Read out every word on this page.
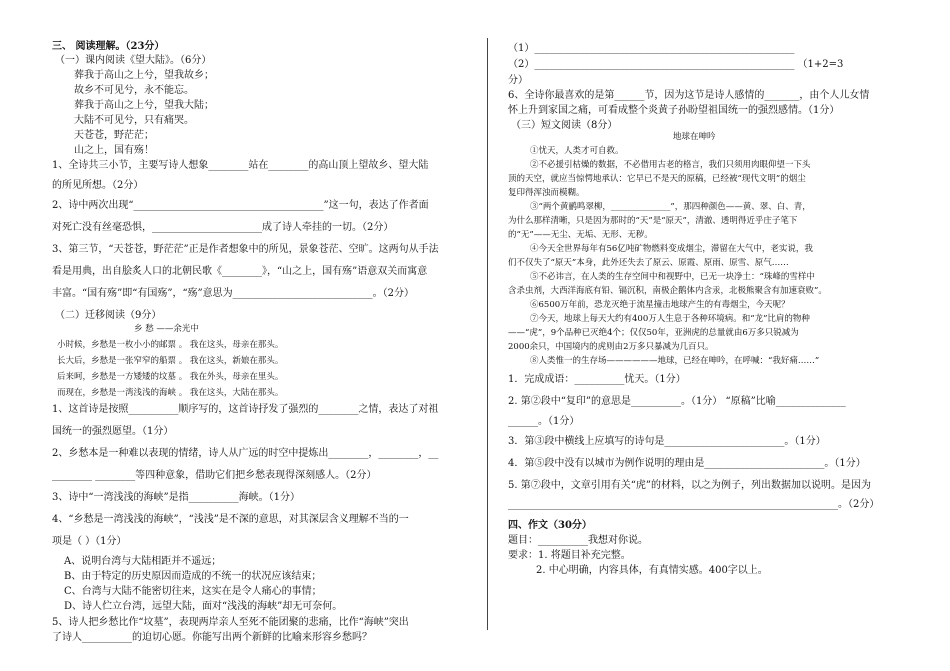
三、 阅读理解。（23分）
（一）课内阅读《望大陆》。（6分）
葬我于高山之上兮，望我故乡；
故乡不可见兮，永不能忘。
葬我于高山之上兮，望我大陆；
大陆不可见兮，只有痛哭。
天苍苍，野茫茫；
山之上，国有殇！
1、全诗共三小节，主要写诗人想象________站在________的高山顶上望故乡、望大陆
的所见所想。（2分）
2、诗中两次出现“______________________________________”这一句，表达了作者面
对死亡没有丝毫恐惧，______________________成了诗人牵挂的一切。（2分）
3、第三节，“天苍苍，野茫茫”正是作者想象中的所见，景象苍茫、空旷。这两句从手法
看是用典，出自脍炙人口的北朝民歌《________》，“山之上，国有殇”语意双关而寓意
丰富。“国有殇”即“有国殇”，“殇”意思为____________________________。（2分）
（二）迁移阅读（9分）
乡 愁 ——余光中
小时候，乡愁是一枚小小的邮票 。 我在这头，母亲在那头。
长大后，乡愁是一张窄窄的船票 。 我在这头，新娘在那头。
后来呵，乡愁是一方矮矮的坟墓 。 我在外头，母亲在里头。
而现在，乡愁是一湾浅浅的海峡 。 我在这头，大陆在那头。
1、这首诗是按照__________顺序写的，这首诗抒发了强烈的________之情，表达了对祖
国统一的强烈愿望。（1分）
2、乡愁本是一种难以表现的情绪，诗人从广远的时空中提炼出________，________，__
________ ________等四种意象，借助它们把乡愁表现得深刻感人。（2分）
3、诗中“一湾浅浅的海峡”是指__________海峡。（1分）
4、“乡愁是一湾浅浅的海峡”，“浅浅”是不深的意思，对其深层含义理解不当的一
项是（ ）（1分）
A、说明台湾与大陆相距并不遥远；
B、由于特定的历史原因而造成的不统一的状况应该结束；
C、台湾与大陆不能密切往来，这实在是令人痛心的事情；
D、诗人伫立台湾，远望大陆，面对“浅浅的海峡”却无可奈何。
5、诗人把乡愁比作“坟墓”，表现两岸亲人至死不能团聚的悲痛，比作“海峡”突出
了诗人__________的迫切心愿。你能写出两个新鲜的比喻来形容乡愁吗？
（1）____________________________________________________
（2）____________________________________________________ （1+2=3
分）
6、全诗你最喜欢的是第______节，因为这节是诗人感情的_______，由个人儿女情
怀上升到家国之痛，可看成整个炎黄子孙盼望祖国统一的强烈感情。（1分）
（三）短文阅读（8分）
地球在呻吟
①忧天，人类才可自救。
②不必援引枯燥的数据，不必借用古老的格言，我们只须用肉眼仰望一下头
顶的天空，就应当惊愕地承认：它早已不是天的原稿，已经被“现代文明”的烟尘
复印得浑浊而模糊。
③“两个黄鹂鸣翠柳，______________”，那四种颜色——黄、翠、白、青，
为什么那样清晰，只是因为那时的“天”是“原天”，清澈、透明得近乎庄子笔下
的“无”——无尘、无垢、无形、无秽。
④今天全世界每年有56亿吨矿物燃料变成烟尘，滞留在大气中，老实说，我
们不仅失了“原天”本身，此外还失去了原云、原霞、原雨、原雪、原气……
⑤不必讳言，在人类的生存空间中和视野中，已无一块净土：“珠峰的雪样中
含杀虫剂，大西洋海底有铅、镉沉积，南极企鹅体内含汞，北极熊聚含有加速衰败”。
⑥6500万年前，恐龙灭绝于流星撞击地球产生的有毒烟尘，今天呢？
⑦今天，地球上每天大约有400万人生息于各种环境病。和“龙”比肩的物种
——“虎”，9个品种已灭绝4个；仅仅50年，亚洲虎的总量就由6万多只锐减为
2000余只，中国境内的虎则由2万多只暴减为几百只。
⑧人类惟一的生存场——————地球，已经在呻吟，在呼喊：“我好痛……”
1．完成成语：__________忧天。（1分）
2. 第②段中“复印”的意思是__________。（1分） “原稿”比喻______________
______。（1分）
3．第③段中横线上应填写的诗句是________________________。（1分）
4．第⑤段中没有以城市为例作说明的理由是________________________。（1分）
5. 第⑦段中，文章引用有关“虎”的材料，以之为例子，列出数据加以说明。是因为
__________________________________________________________________。（2分）
四、作文（30分）
题目：__________我想对你说。
要求：1. 将题目补充完整。
2. 中心明确，内容具体，有真情实感。400字以上。
